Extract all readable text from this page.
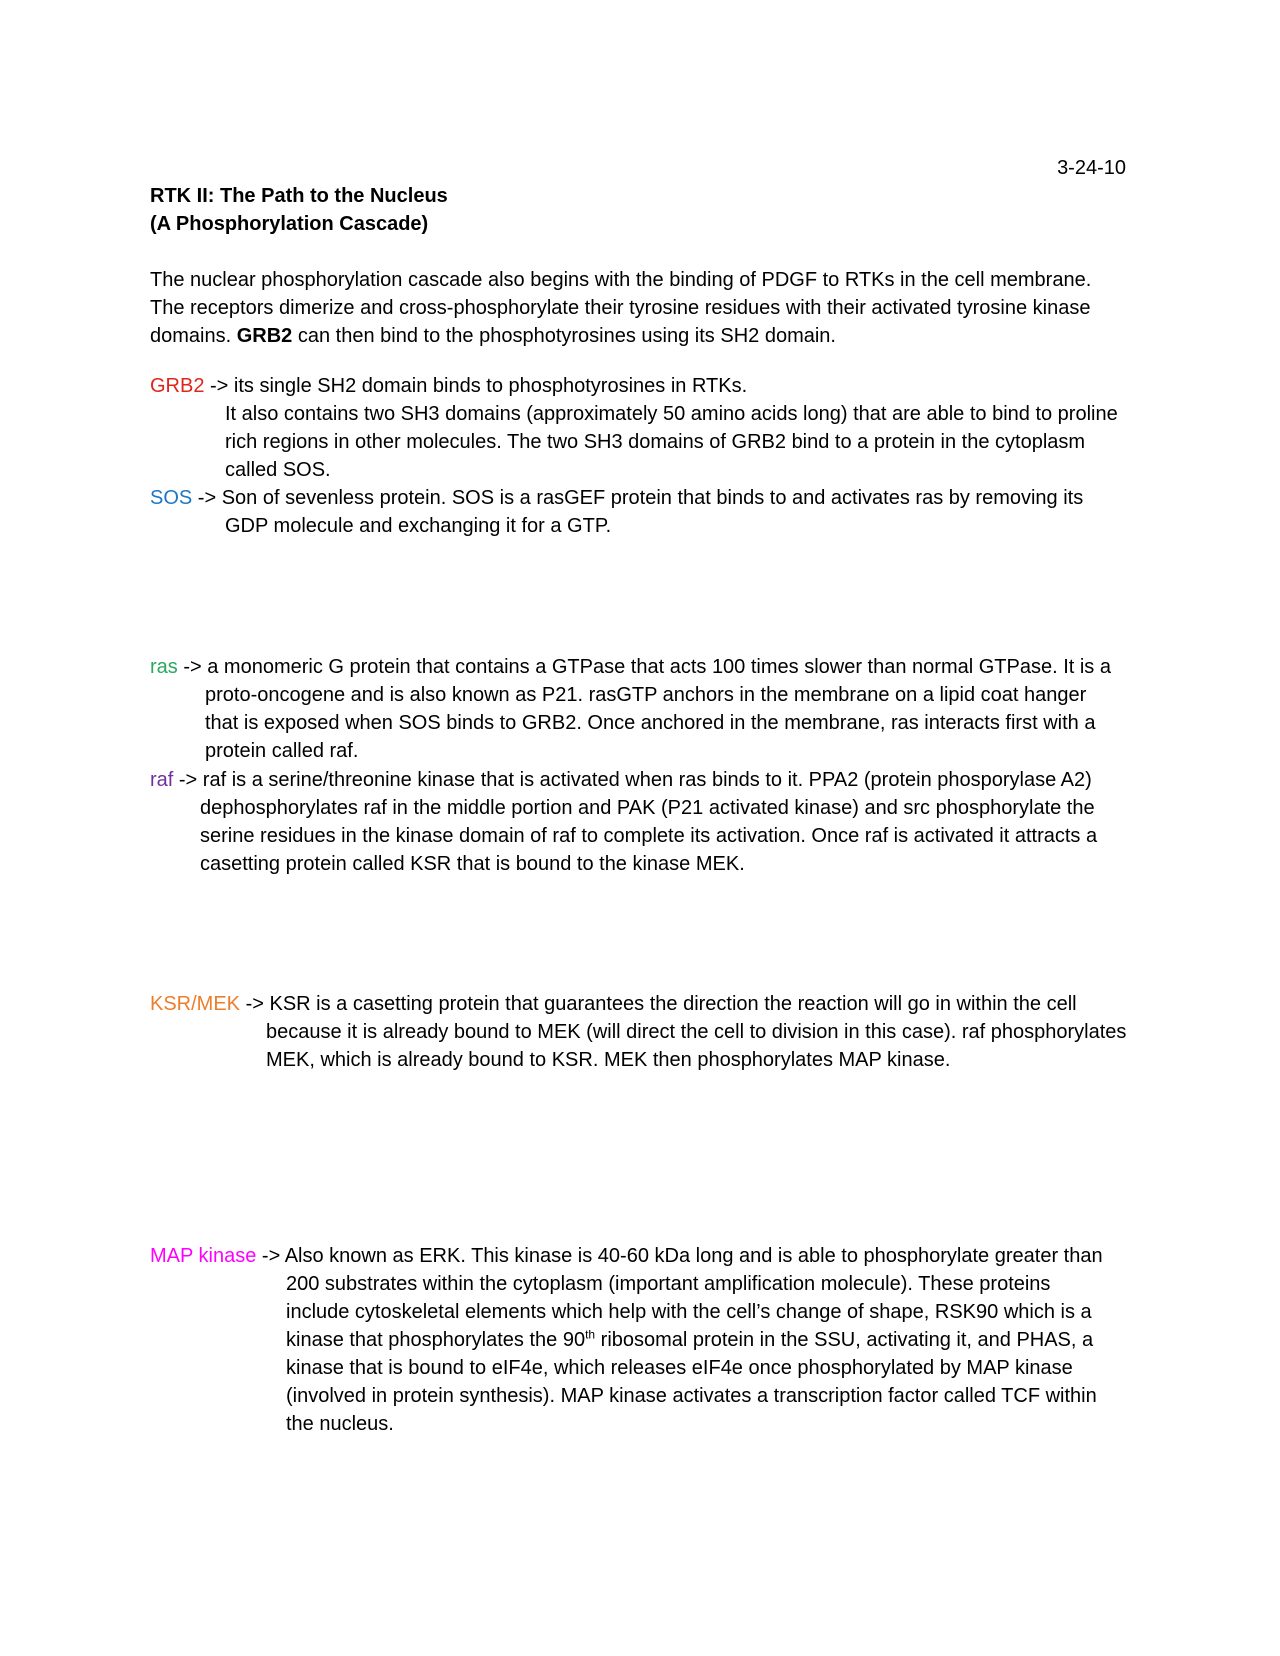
3-24-10
RTK II: The Path to the Nucleus
(A Phosphorylation Cascade)

The nuclear phosphorylation cascade also begins with the binding of PDGF to RTKs in the cell membrane. The receptors dimerize and cross-phosphorylate their tyrosine residues with their activated tyrosine kinase domains. GRB2 can then bind to the phosphotyrosines using its SH2 domain.

GRB2 -> its single SH2 domain binds to phosphotyrosines in RTKs.
It also contains two SH3 domains (approximately 50 amino acids long) that are able to bind to proline rich regions in other molecules. The two SH3 domains of GRB2 bind to a protein in the cytoplasm called SOS.
SOS -> Son of sevenless protein. SOS is a rasGEF protein that binds to and activates ras by removing its GDP molecule and exchanging it for a GTP.
ras -> a monomeric G protein that contains a GTPase that acts 100 times slower than normal GTPase. It is a proto-oncogene and is also known as P21. rasGTP anchors in the membrane on a lipid coat hanger that is exposed when SOS binds to GRB2. Once anchored in the membrane, ras interacts first with a protein called raf.
raf -> raf is a serine/threonine kinase that is activated when ras binds to it. PPA2 (protein phosporylase A2) dephosphorylates raf in the middle portion and PAK (P21 activated kinase) and src phosphorylate the serine residues in the kinase domain of raf to complete its activation. Once raf is activated it attracts a casetting protein called KSR that is bound to the kinase MEK.
KSR/MEK -> KSR is a casetting protein that guarantees the direction the reaction will go in within the cell because it is already bound to MEK (will direct the cell to division in this case). raf phosphorylates MEK, which is already bound to KSR. MEK then phosphorylates MAP kinase.
MAP kinase -> Also known as ERK. This kinase is 40-60 kDa long and is able to phosphorylate greater than 200 substrates within the cytoplasm (important amplification molecule). These proteins include cytoskeletal elements which help with the cell’s change of shape, RSK90 which is a kinase that phosphorylates the 90th ribosomal protein in the SSU, activating it, and PHAS, a kinase that is bound to eIF4e, which releases eIF4e once phosphorylated by MAP kinase (involved in protein synthesis). MAP kinase activates a transcription factor called TCF within the nucleus.
